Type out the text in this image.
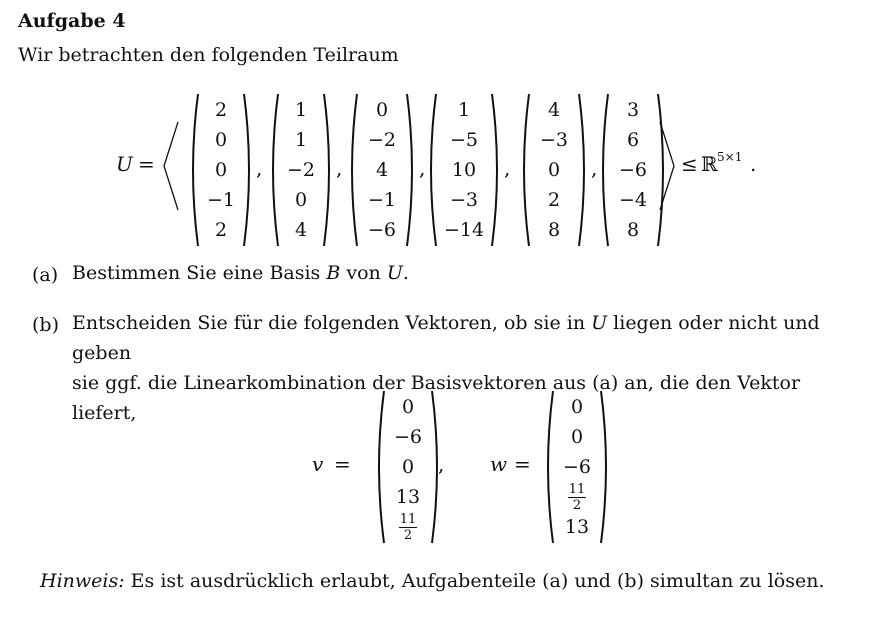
Aufgabe 4
Wir betrachten den folgenden Teilraum
U =	≤ ℝ 5×1 .
(a) Bestimmen Sie eine Basis B von U.
(b) Entscheiden Sie für die folgenden Vektoren, ob sie in U liegen oder nicht und geben
sie ggf. die Linearkombination der Basisvektoren aus (a) an, die den Vektor liefert,
v =	, w =
Hinweis: Es ist ausdrücklich erlaubt, Aufgabenteile (a) und (b) simultan zu lösen.
2
0
0
−1
2
,
1
1
−2
0
4
,
0
−2
4
−1
−6
,
1
−5
10
−3
−14
,
4
−3
0
2
8
,
3
6
−6
−4
8
0
−6
0
13
$\frac{11}{2}$
0
0
−6
$\frac{11}{2}$
13
